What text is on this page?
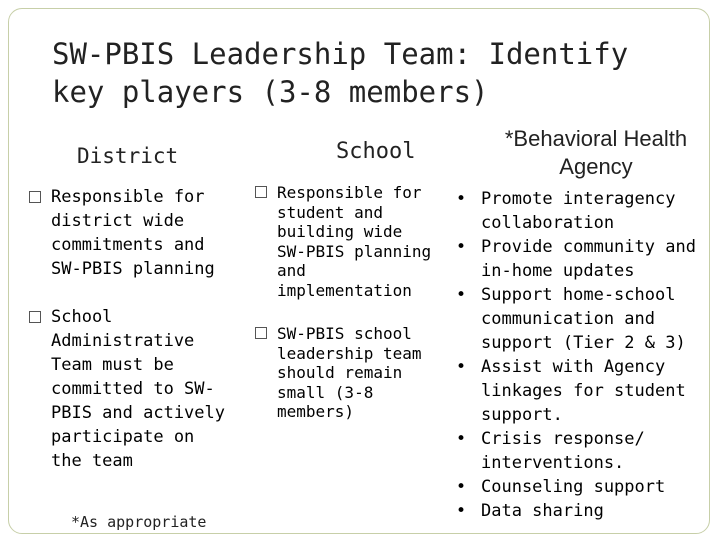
SW-PBIS Leadership Team: Identify key players (3-8 members)
District	School
*Behavioral Health Agency
Responsible for district wide commitments and SW-PBIS planning
School Administrative Team must be committed to SW-PBIS and actively participate on the team
Responsible for student and building wide SW-PBIS planning and implementation
SW-PBIS school leadership team should remain small (3-8 members)
• Promote interagency collaboration
• Provide community and in-home updates
• Support home-school communication and support (Tier 2 & 3)
• Assist with Agency linkages for student support.
• Crisis response/ interventions.
• Counseling support
• Data sharing
*As appropriate
